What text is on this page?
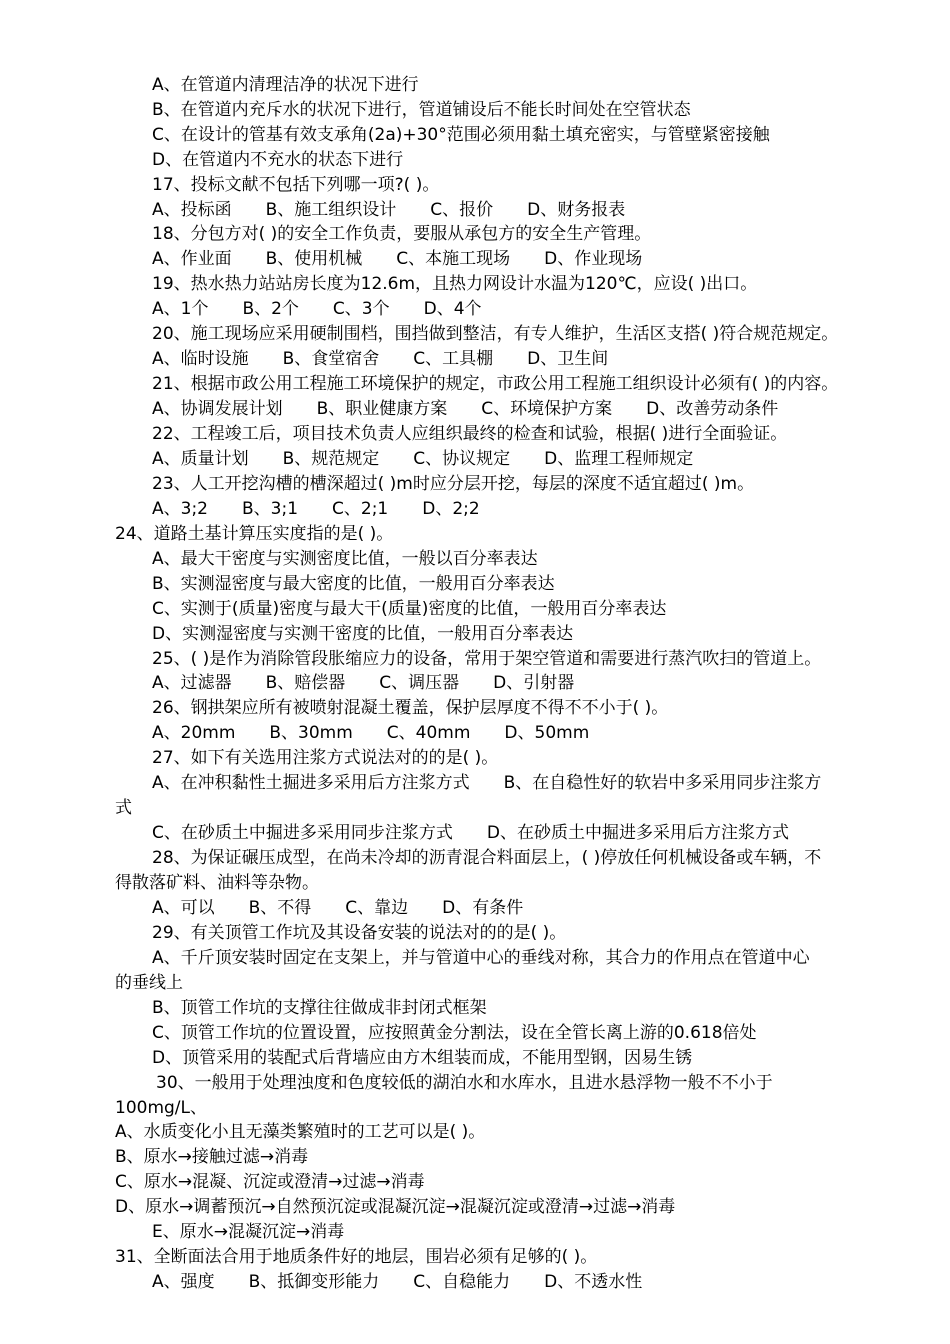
A、在管道内清理洁净的状况下进行
B、在管道内充斥水的状况下进行，管道铺设后不能长时间处在空管状态
C、在设计的管基有效支承角(2a)+30°范围必须用黏土填充密实，与管壁紧密接触
D、在管道内不充水的状态下进行
17、投标文献不包括下列哪一项?( )。
A、投标函　　B、施工组织设计　　C、报价　　D、财务报表
18、分包方对( )的安全工作负责，要服从承包方的安全生产管理。
A、作业面　　B、使用机械　　C、本施工现场　　D、作业现场
19、热水热力站站房长度为12.6m，且热力网设计水温为120℃，应设( )出口。
A、1个　　B、2个　　C、3个　　D、4个
20、施工现场应采用硬制围档，围挡做到整洁，有专人维护，生活区支搭( )符合规范规定。
A、临时设施　　B、食堂宿舍　　C、工具棚　　D、卫生间
21、根据市政公用工程施工环境保护的规定，市政公用工程施工组织设计必须有( )的内容。
A、协调发展计划　　B、职业健康方案　　C、环境保护方案　　D、改善劳动条件
22、工程竣工后，项目技术负责人应组织最终的检查和试验，根据( )进行全面验证。
A、质量计划　　B、规范规定　　C、协议规定　　D、监理工程师规定
23、人工开挖沟槽的槽深超过( )m时应分层开挖，每层的深度不适宜超过( )m。
A、3;2　　B、3;1　　C、2;1　　D、2;2
24、道路土基计算压实度指的是( )。
A、最大干密度与实测密度比值，一般以百分率表达
B、实测湿密度与最大密度的比值，一般用百分率表达
C、实测于(质量)密度与最大干(质量)密度的比值，一般用百分率表达
D、实测湿密度与实测干密度的比值，一般用百分率表达
25、( )是作为消除管段胀缩应力的设备，常用于架空管道和需要进行蒸汽吹扫的管道上。
A、过滤器　　B、赔偿器　　C、调压器　　D、引射器
26、钢拱架应所有被喷射混凝土覆盖，保护层厚度不得不不小于( )。
A、20mm　　B、30mm　　C、40mm　　D、50mm
27、如下有关选用注浆方式说法对的的是( )。
A、在冲积黏性土掘进多采用后方注浆方式　　B、在自稳性好的软岩中多采用同步注浆方
式
C、在砂质土中掘进多采用同步注浆方式　　D、在砂质土中掘进多采用后方注浆方式
28、为保证碾压成型，在尚未冷却的沥青混合料面层上，( )停放任何机械设备或车辆，不
得散落矿料、油料等杂物。
A、可以　　B、不得　　C、靠边　　D、有条件
29、有关顶管工作坑及其设备安装的说法对的的是( )。
A、千斤顶安装时固定在支架上，并与管道中心的垂线对称，其合力的作用点在管道中心
的垂线上
B、顶管工作坑的支撑往往做成非封闭式框架
C、顶管工作坑的位置设置，应按照黄金分割法，设在全管长离上游的0.618倍处
D、顶管采用的装配式后背墙应由方木组装而成，不能用型钢，因易生锈
30、一般用于处理浊度和色度较低的湖泊水和水库水，且进水悬浮物一般不不小于
100mg/L、
A、水质变化小且无藻类繁殖时的工艺可以是( )。
B、原水→接触过滤→消毒
C、原水→混凝、沉淀或澄清→过滤→消毒
D、原水→调蓄预沉→自然预沉淀或混凝沉淀→混凝沉淀或澄清→过滤→消毒
E、原水→混凝沉淀→消毒
31、全断面法合用于地质条件好的地层，围岩必须有足够的( )。
A、强度　　B、抵御变形能力　　C、自稳能力　　D、不透水性
